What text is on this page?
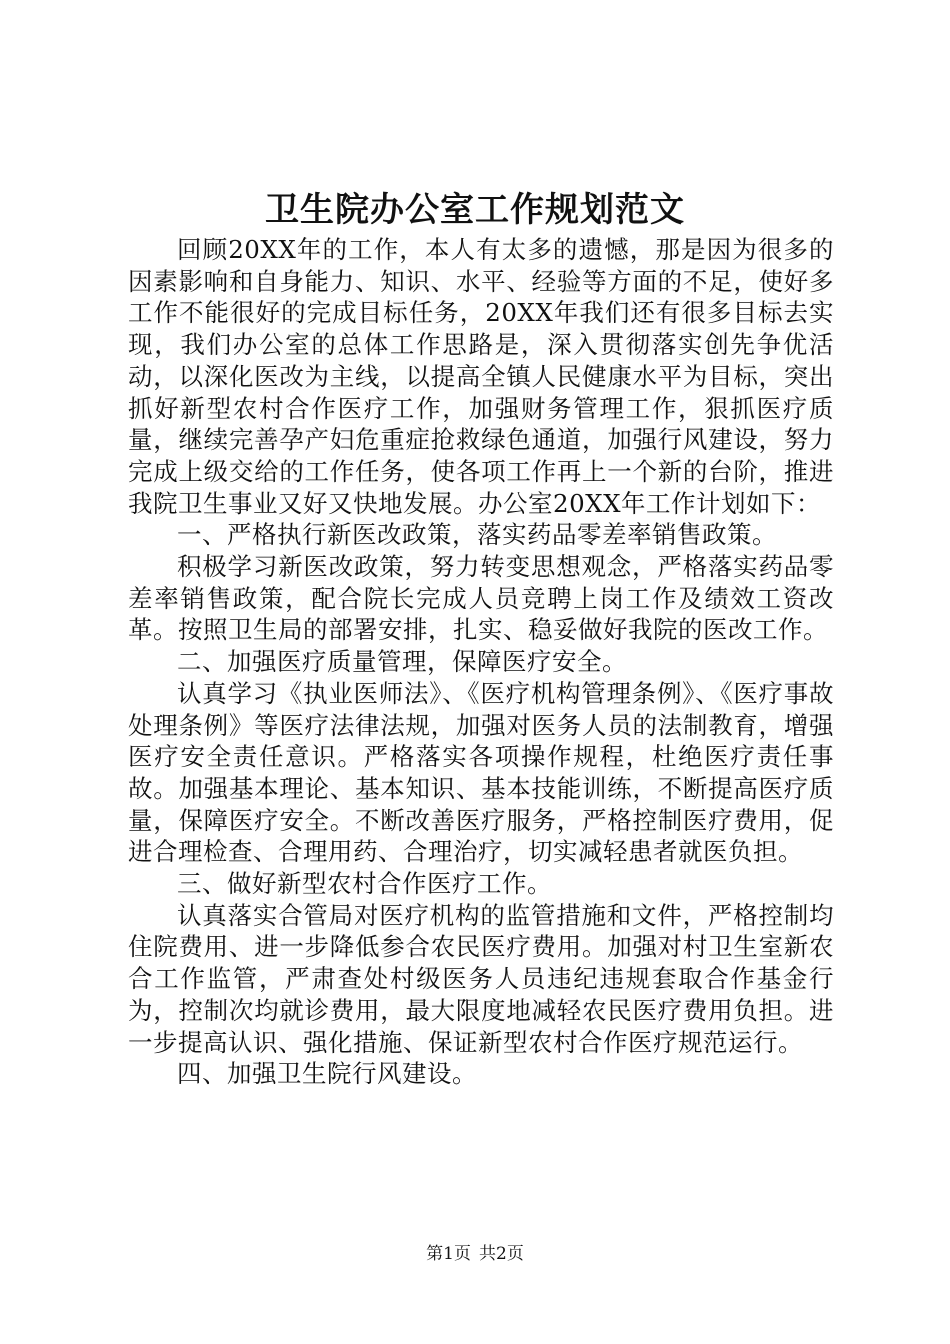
卫生院办公室工作规划范文

回顾20XX年的工作，本人有太多的遗憾，那是因为很多的因素影响和自身能力、知识、水平、经验等方面的不足，使好多工作不能很好的完成目标任务，20XX年我们还有很多目标去实现，我们办公室的总体工作思路是，深入贯彻落实创先争优活动，以深化医改为主线，以提高全镇人民健康水平为目标，突出抓好新型农村合作医疗工作，加强财务管理工作，狠抓医疗质量，继续完善孕产妇危重症抢救绿色通道，加强行风建设，努力完成上级交给的工作任务，使各项工作再上一个新的台阶，推进我院卫生事业又好又快地发展。办公室20XX年工作计划如下：

一、严格执行新医改政策，落实药品零差率销售政策。

积极学习新医改政策，努力转变思想观念，严格落实药品零差率销售政策，配合院长完成人员竞聘上岗工作及绩效工资改革。按照卫生局的部署安排，扎实、稳妥做好我院的医改工作。

二、加强医疗质量管理，保障医疗安全。

认真学习《执业医师法》、《医疗机构管理条例》、《医疗事故处理条例》等医疗法律法规，加强对医务人员的法制教育，增强医疗安全责任意识。严格落实各项操作规程，杜绝医疗责任事故。加强基本理论、基本知识、基本技能训练，不断提高医疗质量，保障医疗安全。不断改善医疗服务，严格控制医疗费用，促进合理检查、合理用药、合理治疗，切实减轻患者就医负担。

三、做好新型农村合作医疗工作。

认真落实合管局对医疗机构的监管措施和文件，严格控制均住院费用、进一步降低参合农民医疗费用。加强对村卫生室新农合工作监管，严肃查处村级医务人员违纪违规套取合作基金行为，控制次均就诊费用，最大限度地减轻农民医疗费用负担。进一步提高认识、强化措施、保证新型农村合作医疗规范运行。

四、加强卫生院行风建设。

第1页 共2页
